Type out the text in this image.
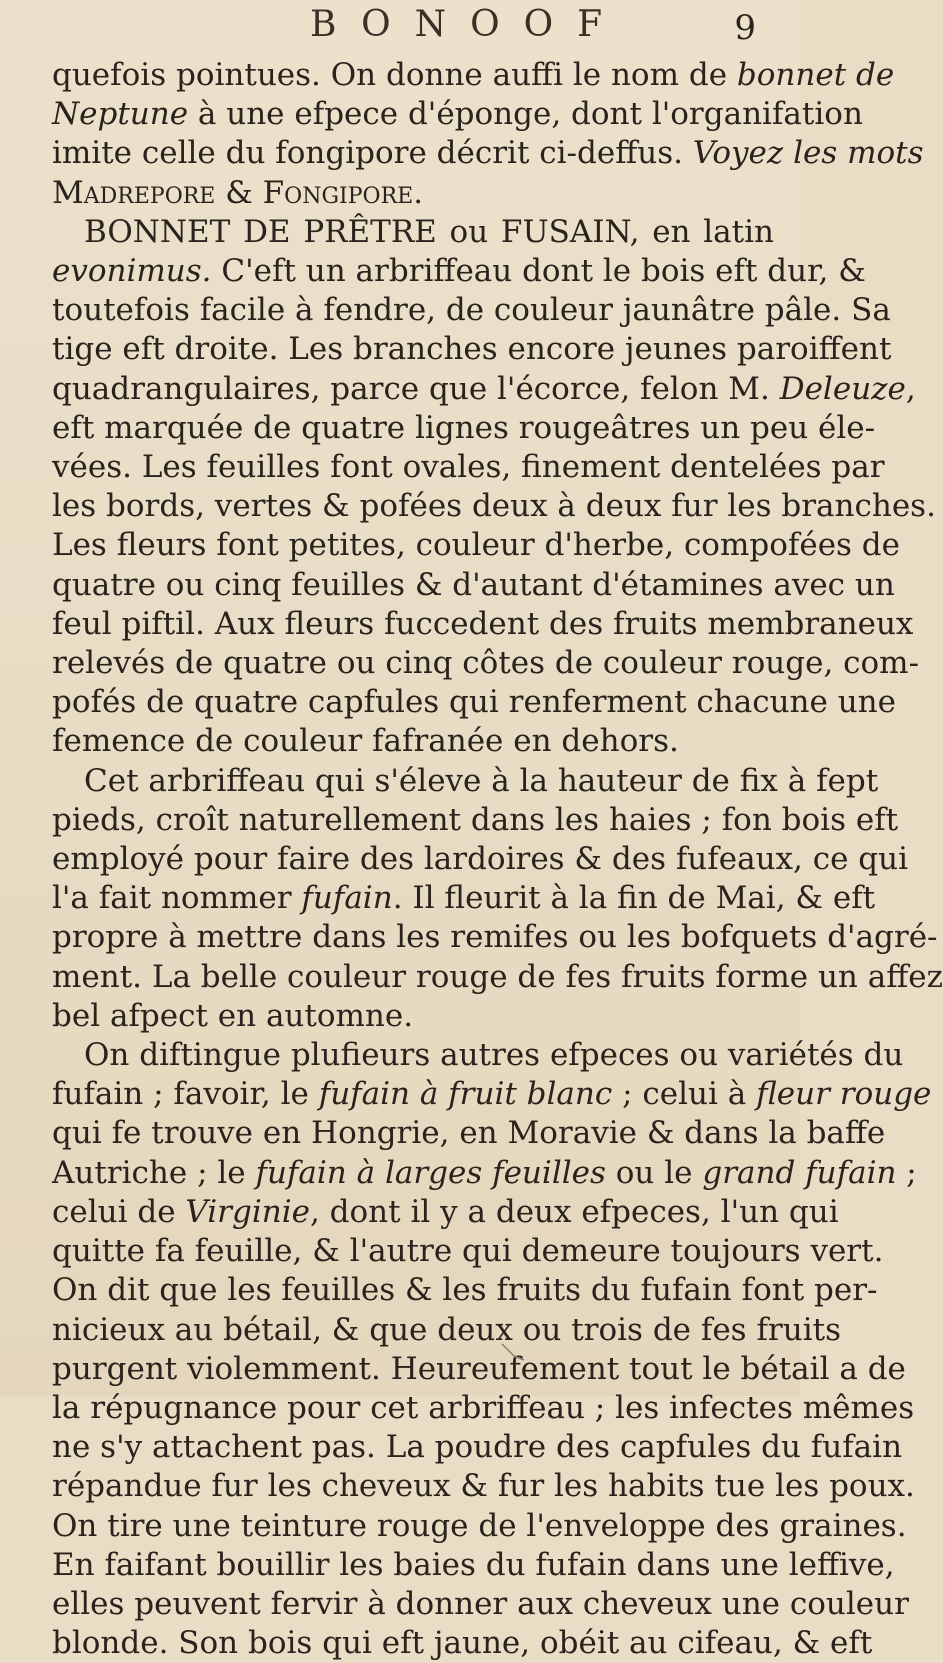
BONOOF	9
quefois pointues. On donne auffi le nom de bonnet de
Neptune à une efpece d'éponge, dont l'organifation
imite celle du fongipore décrit ci-deffus. Voyez les mots
Madrepore & Fongipore.
BONNET DE PRÊTRE ou FUSAIN, en latin
evonimus. C'eft un arbriffeau dont le bois eft dur, &
toutefois facile à fendre, de couleur jaunâtre pâle. Sa
tige eft droite. Les branches encore jeunes paroiffent
quadrangulaires, parce que l'écorce, felon M. Deleuze,
eft marquée de quatre lignes rougeâtres un peu éle-
vées. Les feuilles font ovales, finement dentelées par
les bords, vertes & pofées deux à deux fur les branches.
Les fleurs font petites, couleur d'herbe, compofées de
quatre ou cinq feuilles & d'autant d'étamines avec un
feul piftil. Aux fleurs fuccedent des fruits membraneux
relevés de quatre ou cinq côtes de couleur rouge, com-
pofés de quatre capfules qui renferment chacune une
femence de couleur fafranée en dehors.
Cet arbriffeau qui s'éleve à la hauteur de fix à fept
pieds, croît naturellement dans les haies ; fon bois eft
employé pour faire des lardoires & des fufeaux, ce qui
l'a fait nommer fufain. Il fleurit à la fin de Mai, & eft
propre à mettre dans les remifes ou les bofquets d'agré-
ment. La belle couleur rouge de fes fruits forme un affez
bel afpect en automne.
On diftingue plufieurs autres efpeces ou variétés du
fufain ; favoir, le fufain à fruit blanc ; celui à fleur rouge
qui fe trouve en Hongrie, en Moravie & dans la baffe
Autriche ; le fufain à larges feuilles ou le grand fufain ;
celui de Virginie, dont il y a deux efpeces, l'un qui
quitte fa feuille, & l'autre qui demeure toujours vert.
On dit que les feuilles & les fruits du fufain font per-
nicieux au bétail, & que deux ou trois de fes fruits
purgent violemment. Heureufement tout le bétail a de
la répugnance pour cet arbriffeau ; les infectes mêmes
ne s'y attachent pas. La poudre des capfules du fufain
répandue fur les cheveux & fur les habits tue les poux.
On tire une teinture rouge de l'enveloppe des graines.
En faifant bouillir les baies du fufain dans une leffive,
elles peuvent fervir à donner aux cheveux une couleur
blonde. Son bois qui eft jaune, obéit au cifeau, & eft
